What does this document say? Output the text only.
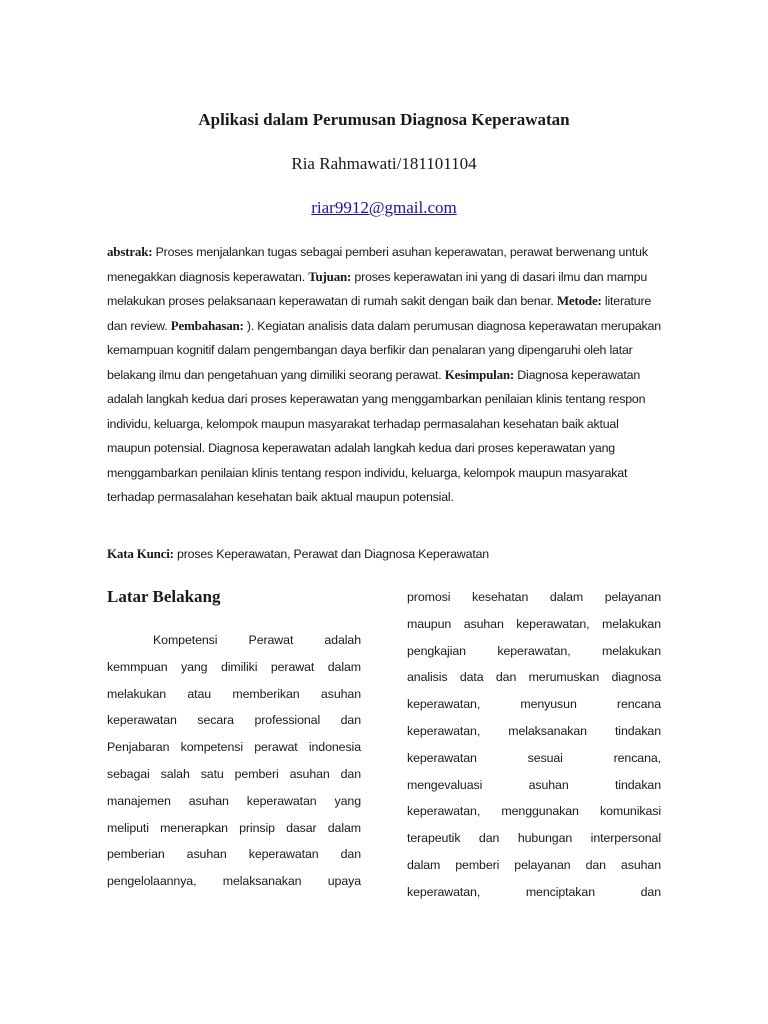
Aplikasi dalam Perumusan Diagnosa Keperawatan
Ria Rahmawati/181101104
riar9912@gmail.com
abstrak: Proses menjalankan tugas sebagai pemberi asuhan keperawatan, perawat berwenang untuk menegakkan diagnosis keperawatan. Tujuan: proses keperawatan ini yang di dasari ilmu dan mampu melakukan proses pelaksanaan keperawatan di rumah sakit dengan baik dan benar. Metode: literature dan review. Pembahasan: ). Kegiatan analisis data dalam perumusan diagnosa keperawatan merupakan kemampuan kognitif dalam pengembangan daya berfikir dan penalaran yang dipengaruhi oleh latar belakang ilmu dan pengetahuan yang dimiliki seorang perawat. Kesimpulan: Diagnosa keperawatan adalah langkah kedua dari proses keperawatan yang menggambarkan penilaian klinis tentang respon individu, keluarga, kelompok maupun masyarakat terhadap permasalahan kesehatan baik aktual maupun potensial. Diagnosa keperawatan adalah langkah kedua dari proses keperawatan yang menggambarkan penilaian klinis tentang respon individu, keluarga, kelompok maupun masyarakat terhadap permasalahan kesehatan baik aktual maupun potensial.
Kata Kunci: proses Keperawatan, Perawat dan Diagnosa Keperawatan
Latar Belakang
Kompetensi Perawat adalah
kemmpuan yang dimiliki perawat dalam
melakukan atau memberikan asuhan
keperawatan secara professional dan
Penjabaran kompetensi perawat indonesia
sebagai salah satu pemberi asuhan dan
manajemen asuhan keperawatan yang
meliputi menerapkan prinsip dasar dalam
pemberian asuhan keperawatan dan
pengelolaannya, melaksanakan upaya
promosi kesehatan dalam pelayanan
maupun asuhan keperawatan, melakukan
pengkajian keperawatan, melakukan
analisis data dan merumuskan diagnosa
keperawatan, menyusun rencana
keperawatan, melaksanakan tindakan
keperawatan sesuai rencana,
mengevaluasi asuhan tindakan
keperawatan, menggunakan komunikasi
terapeutik dan hubungan interpersonal
dalam pemberi pelayanan dan asuhan
keperawatan, menciptakan dan
